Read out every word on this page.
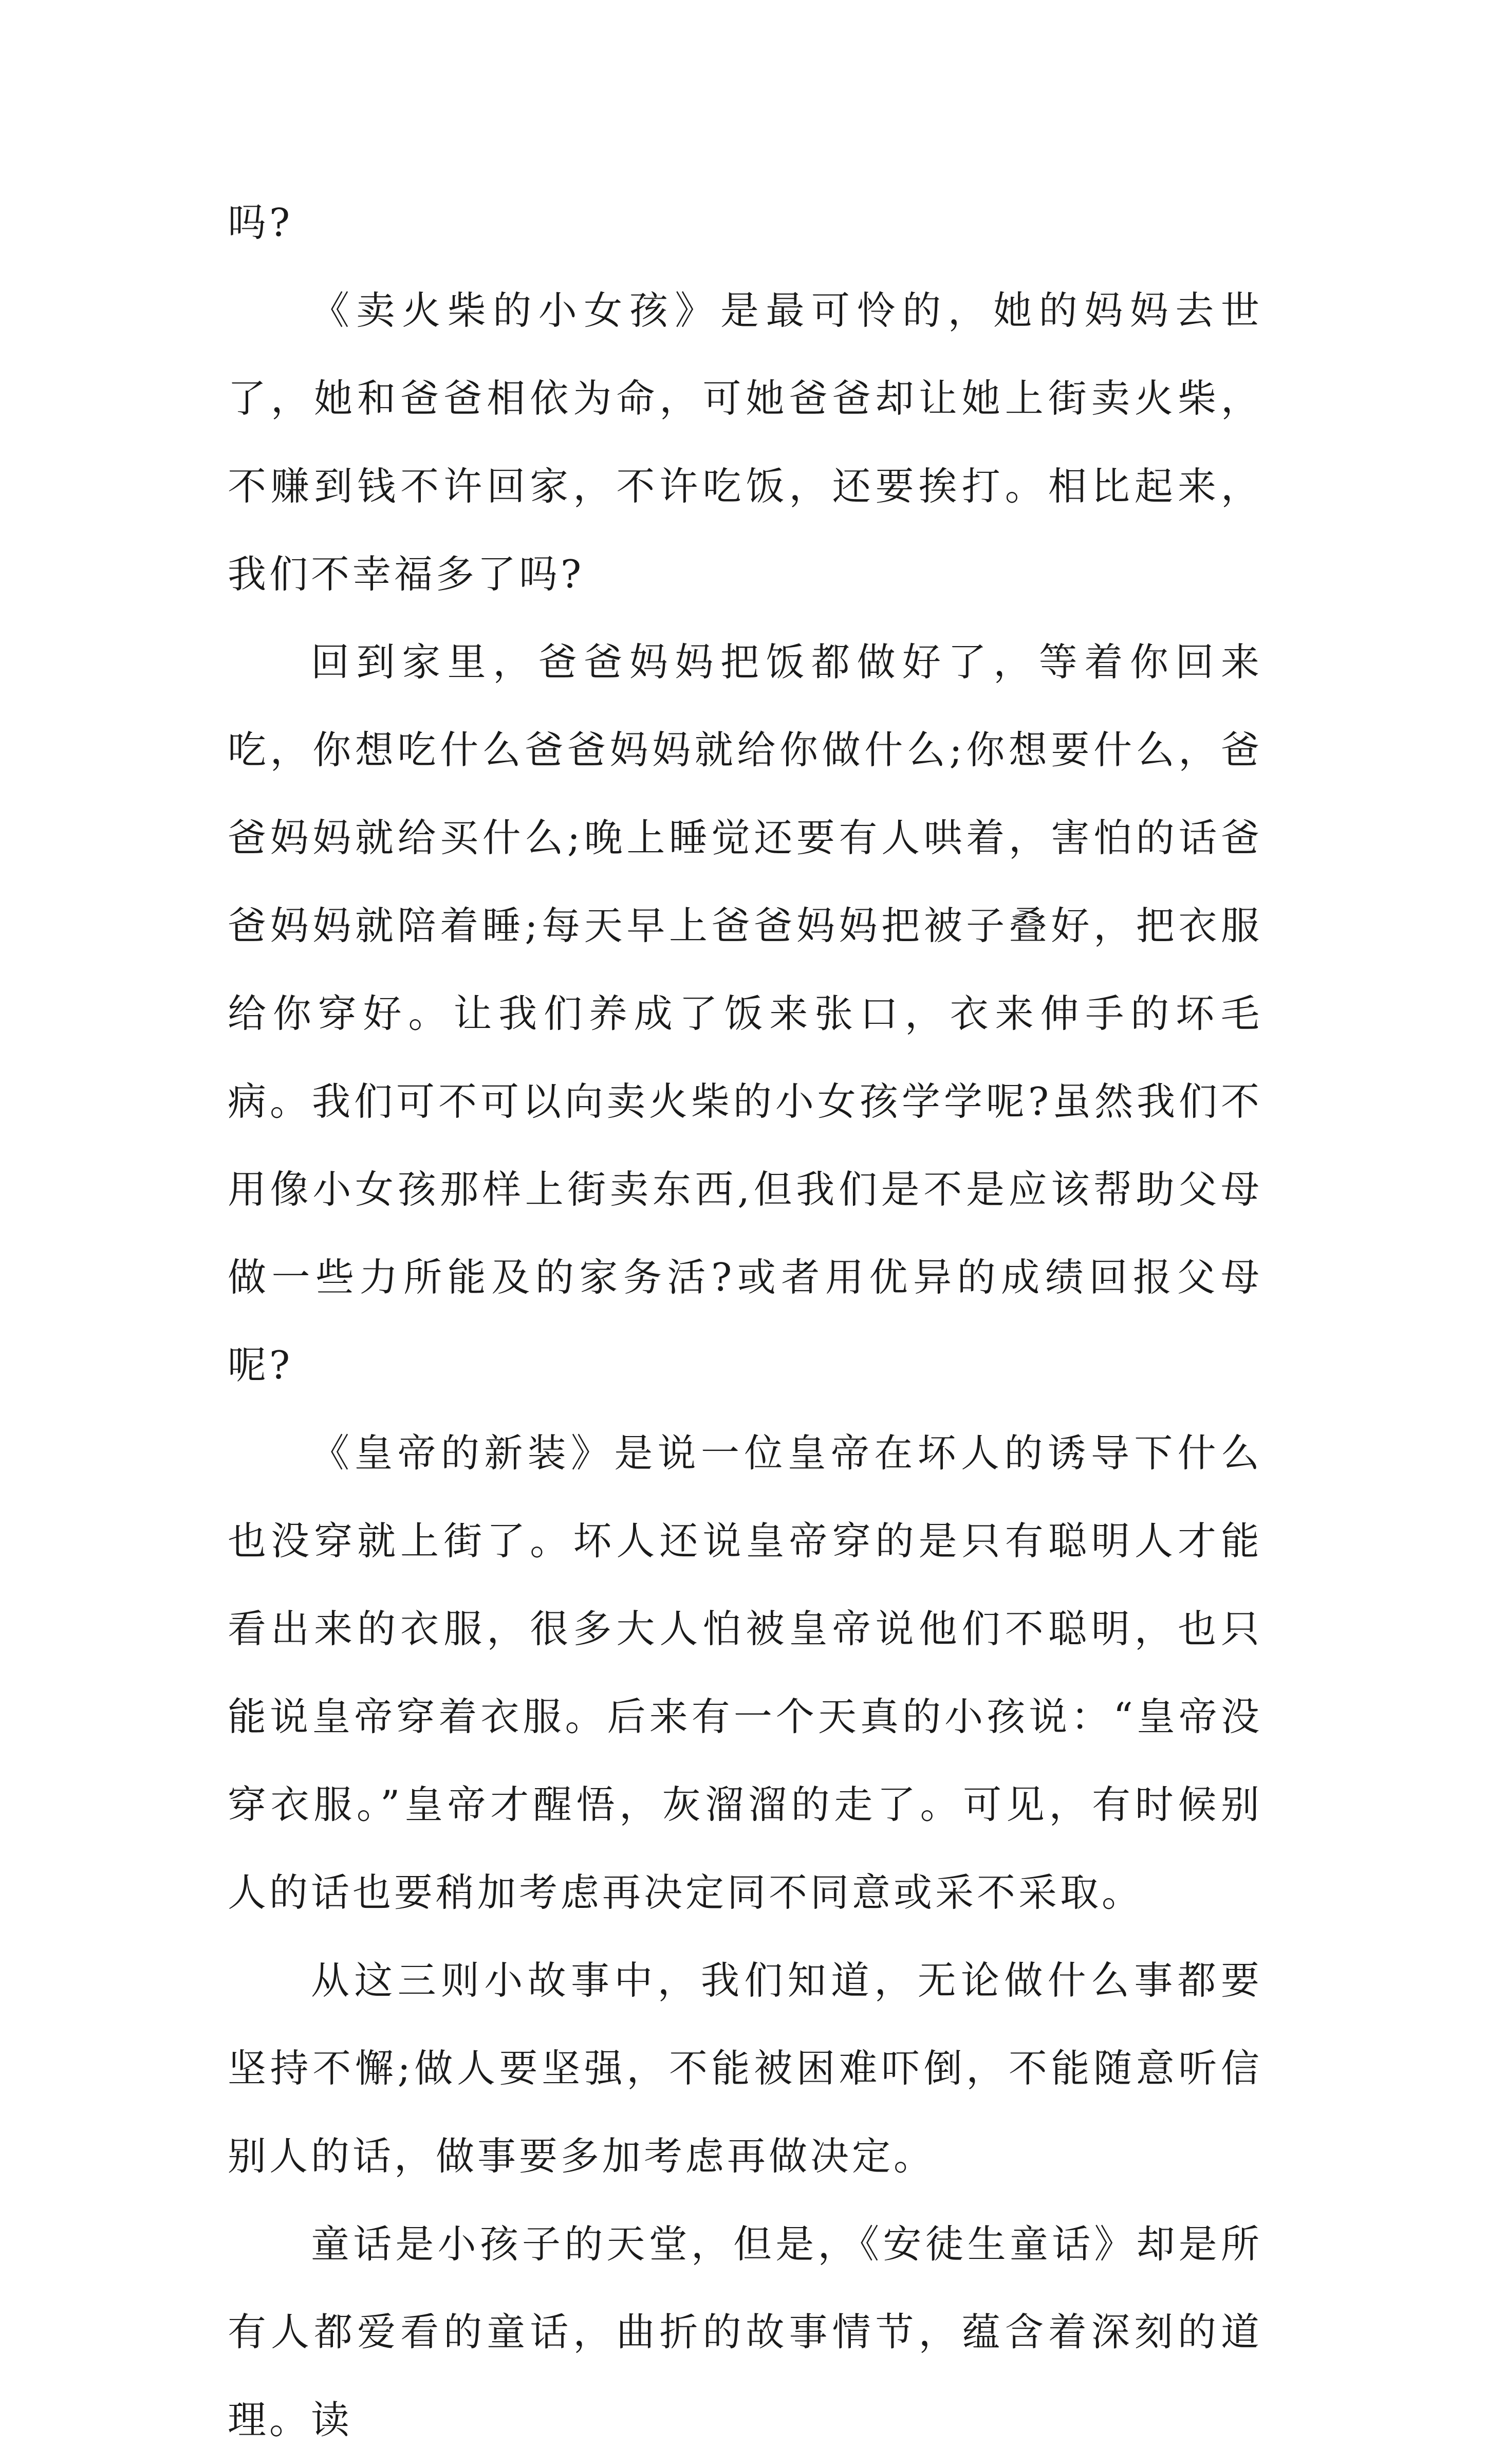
吗?

《卖火柴的小女孩》是最可怜的，她的妈妈去世了，她和爸爸相依为命，可她爸爸却让她上街卖火柴，不赚到钱不许回家，不许吃饭，还要挨打。相比起来，我们不幸福多了吗?

回到家里，爸爸妈妈把饭都做好了，等着你回来吃，你想吃什么爸爸妈妈就给你做什么;你想要什么，爸爸妈妈就给买什么;晚上睡觉还要有人哄着，害怕的话爸爸妈妈就陪着睡;每天早上爸爸妈妈把被子叠好，把衣服给你穿好。让我们养成了饭来张口，衣来伸手的坏毛病。我们可不可以向卖火柴的小女孩学学呢?虽然我们不用像小女孩那样上街卖东西,但我们是不是应该帮助父母做一些力所能及的家务活?或者用优异的成绩回报父母呢?

《皇帝的新装》是说一位皇帝在坏人的诱导下什么也没穿就上街了。坏人还说皇帝穿的是只有聪明人才能看出来的衣服，很多大人怕被皇帝说他们不聪明，也只能说皇帝穿着衣服。后来有一个天真的小孩说：“皇帝没穿衣服。”皇帝才醒悟，灰溜溜的走了。可见，有时候别人的话也要稍加考虑再决定同不同意或采不采取。

从这三则小故事中，我们知道，无论做什么事都要坚持不懈;做人要坚强，不能被困难吓倒，不能随意听信别人的话，做事要多加考虑再做决定。

童话是小孩子的天堂，但是，《安徒生童话》却是所有人都爱看的童话，曲折的故事情节，蕴含着深刻的道理。读
